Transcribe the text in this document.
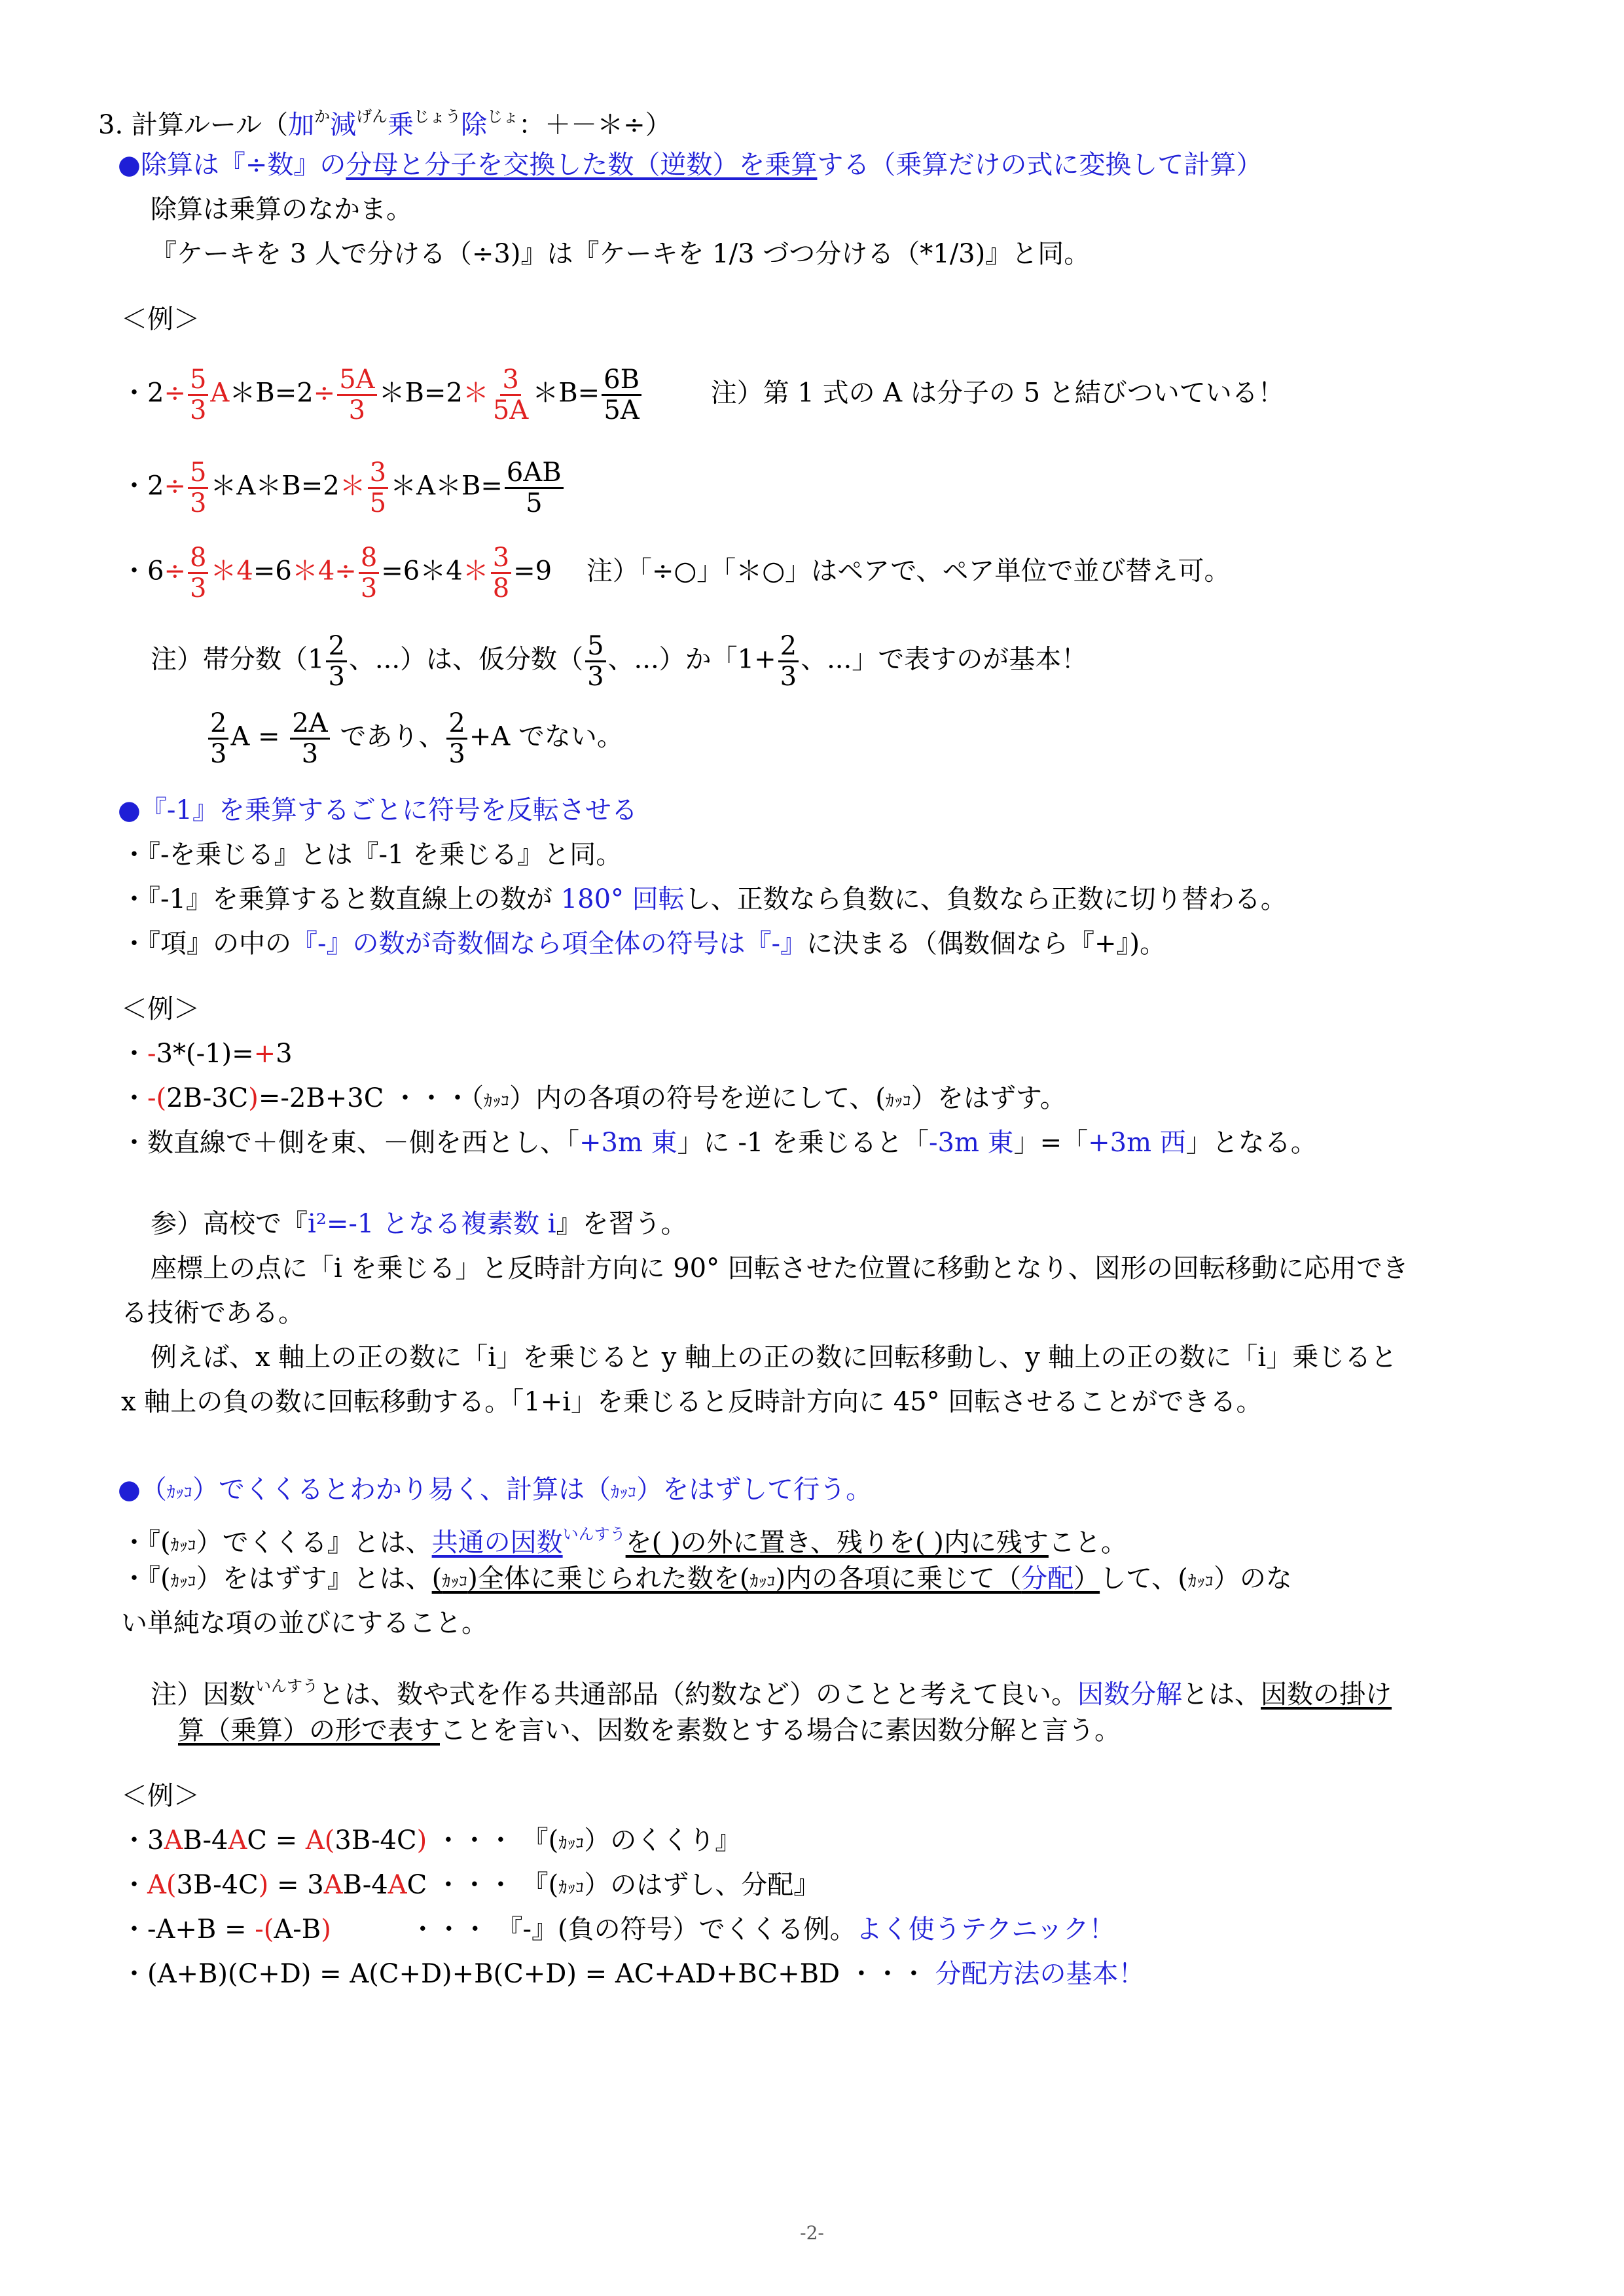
3. 計算ルール（加$^か$減$^{げん}$乗$^{じょう}$除$^{じょ}$：＋－＊÷）
●除算は『÷数』の分母と分子を交換した数（逆数）を乗算する（乗算だけの式に変換して計算）
除算は乗算のなかま。
『ケーキを 3 人で分ける（÷3)』は『ケーキを 1/3 づつ分ける（*1/3)』と同。
＜例＞
・$2\div \frac{5}{3}$ A＊B=2÷ $\frac{5A}{3}$ ＊B=2＊ $\frac{3}{5A}$ ＊B= $\frac{6B}{5A}$	注）第 1 式の A は分子の 5 と結びついている！
・$2\div \frac{5}{3}$ ＊A＊B=2＊ $\frac{3}{5}$ ＊A＊B= $\frac{6AB}{5}$
・$6\div \frac{8}{3}$ ＊4=6＊4÷ $\frac{8}{3}$ =6＊4＊ $\frac{3}{8} =9$ 注）「÷○」「＊○」はペアで、ペア単位で並び替え可。
注）帯分数（$1 \frac{2}{3}$ 、...）は、仮分数（ $\frac{5}{3}$ 、...）か「$1+ \frac{2}{3}$ 、...」で表すのが基本！
$\frac{2}{3}$ $A = \frac{2A}{3}$ であり、 $\frac{2}{3} +A$ でない。
●『-1』を乗算するごとに符号を反転させる
・『-を乗じる』とは『-1 を乗じる』と同。
・『-1』を乗算すると数直線上の数が 180° 回転し、正数なら負数に、負数なら正数に切り替わる。
・『項』の中の『-』の数が奇数個なら項全体の符号は『-』に決まる（偶数個なら『+』)。
＜例＞
・-3*(-1)=+3
・-(2B-3C)=-2B+3C ・・・（ｶｯｺ）内の各項の符号を逆にして、(ｶｯｺ）をはずす。
・数直線で＋側を東、－側を西とし、「+3m 東」に -1 を乗じると「-3m 東」=「+3m 西」となる。
参）高校で『i²=-1 となる複素数 i』を習う。
座標上の点に「i を乗じる」と反時計方向に 90° 回転させた位置に移動となり、図形の回転移動に応用でき
る技術である。
例えば、x 軸上の正の数に「i」を乗じると y 軸上の正の数に回転移動し、y 軸上の正の数に「i」乗じると
x 軸上の負の数に回転移動する。「1+i」を乗じると反時計方向に 45° 回転させることができる。
●（ｶｯｺ）でくくるとわかり易く、計算は（ｶｯｺ）をはずして行う。
・『(ｶｯｺ）でくくる』とは、共通の因数$^{いんすう}$を( )の外に置き、残りを( )内に残すこと。
・『(ｶｯｺ）をはずす』とは、(ｶｯｺ)全体に乗じられた数を(ｶｯｺ)内の各項に乗じて（分配）して、(ｶｯｺ）のな
い単純な項の並びにすること。
注）因数$^{いんすう}$とは、数や式を作る共通部品（約数など）のことと考えて良い。因数分解とは、因数の掛け
算（乗算）の形で表すことを言い、因数を素数とする場合に素因数分解と言う。
＜例＞
・3AB-4AC = A(3B-4C) ・・・ 『(ｶｯｺ）のくくり』
・A(3B-4C) = 3AB-4AC ・・・ 『(ｶｯｺ）のはずし、分配』
・-A+B = -(A-B)	・・・ 『-』(負の符号）でくくる例。よく使うテクニック！
・(A+B)(C+D) = A(C+D)+B(C+D) = AC+AD+BC+BD ・・・ 分配方法の基本！
-2-
